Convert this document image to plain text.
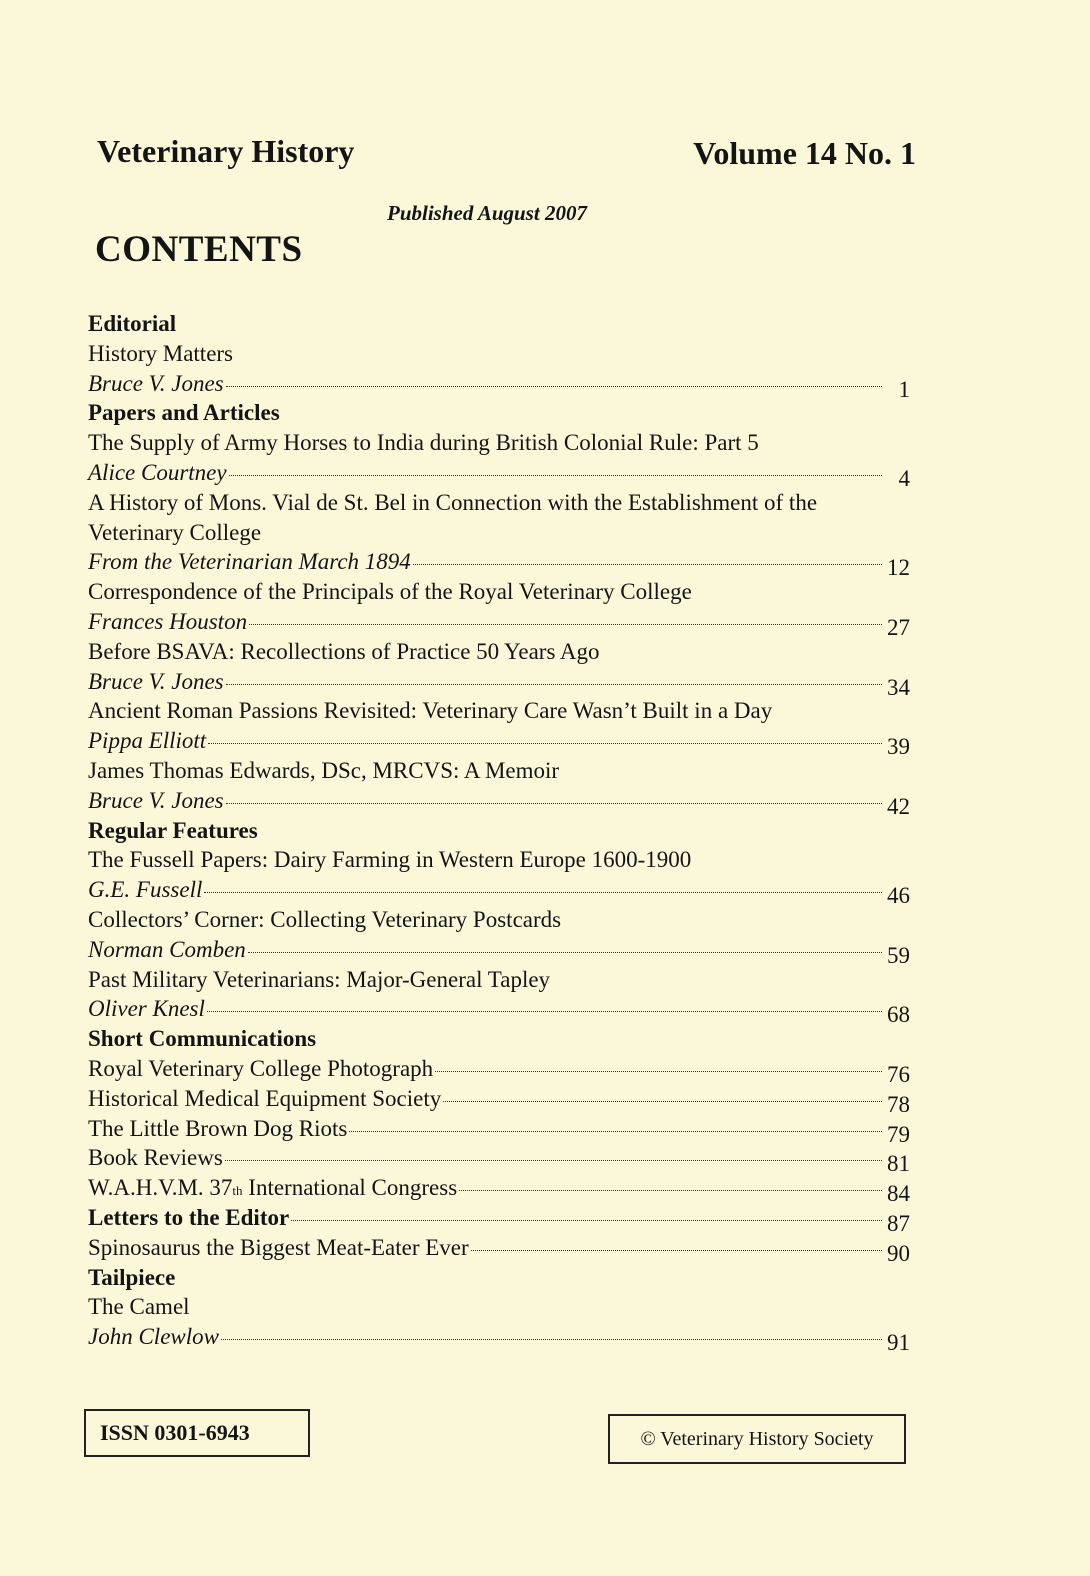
Veterinary History	Volume 14 No. 1
Published August 2007
CONTENTS
Editorial
History Matters
Bruce V. Jones	1
Papers and Articles
The Supply of Army Horses to India during British Colonial Rule: Part 5
Alice Courtney	4
A History of Mons. Vial de St. Bel in Connection with the Establishment of the Veterinary College
From the Veterinarian March 1894	12
Correspondence of the Principals of the Royal Veterinary College
Frances Houston	27
Before BSAVA: Recollections of Practice 50 Years Ago
Bruce V. Jones	34
Ancient Roman Passions Revisited: Veterinary Care Wasn’t Built in a Day
Pippa Elliott	39
James Thomas Edwards, DSc, MRCVS: A Memoir
Bruce V. Jones	42
Regular Features
The Fussell Papers: Dairy Farming in Western Europe 1600-1900
G.E. Fussell	46
Collectors’ Corner: Collecting Veterinary Postcards
Norman Comben	59
Past Military Veterinarians: Major-General Tapley
Oliver Knesl	68
Short Communications
Royal Veterinary College Photograph	76
Historical Medical Equipment Society	78
The Little Brown Dog Riots	79
Book Reviews	81
W.A.H.V.M. 37 th International Congress	84
Letters to the Editor	87
Spinosaurus the Biggest Meat-Eater Ever	90
Tailpiece
The Camel
John Clewlow	91
ISSN 0301-6943	© Veterinary History Society
